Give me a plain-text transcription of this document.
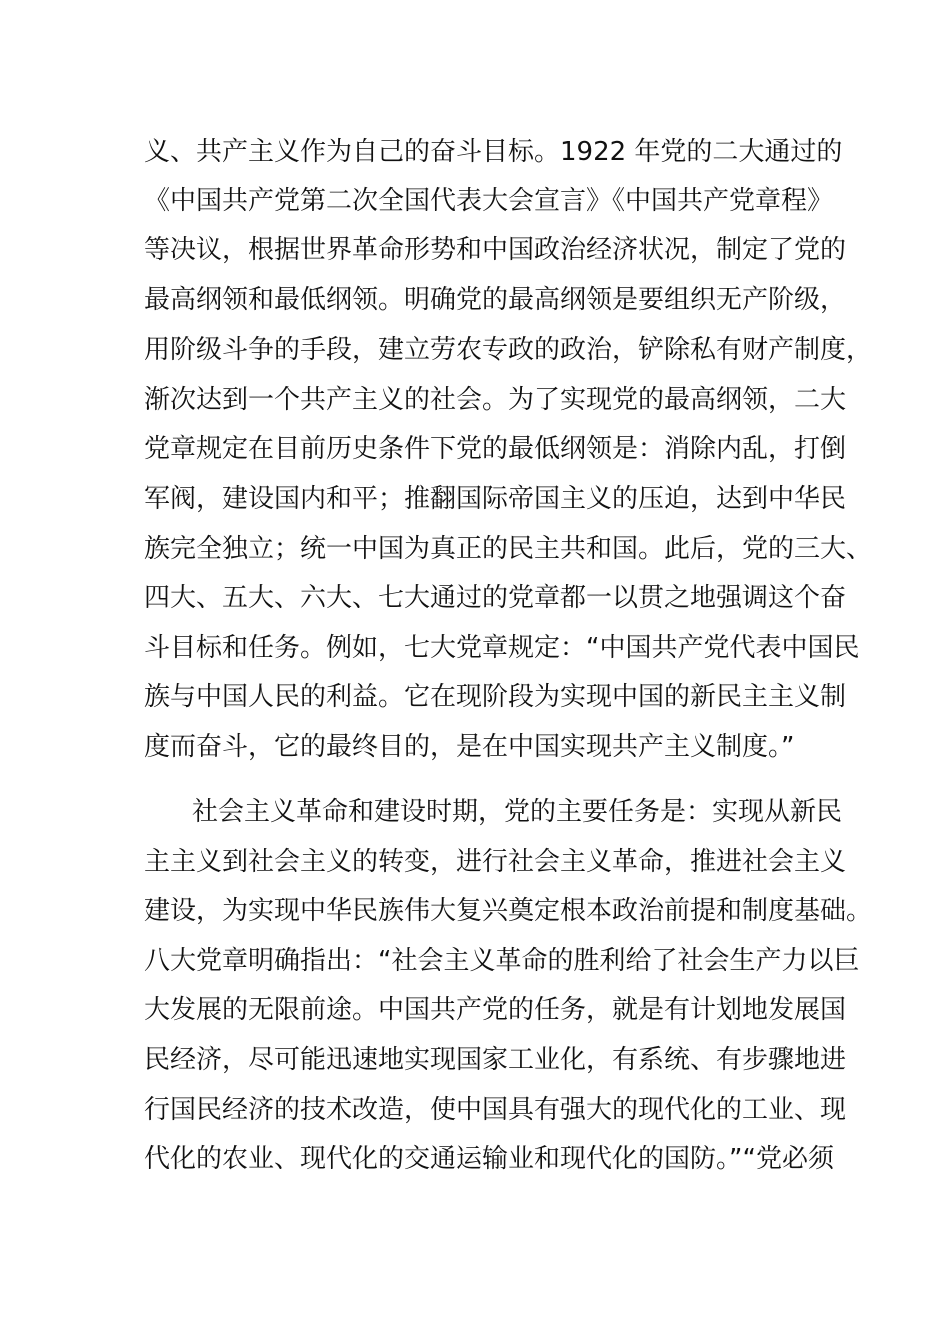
义、共产主义作为自己的奋斗目标。1922 年党的二大通过的
《中国共产党第二次全国代表大会宣言》《中国共产党章程》
等决议，根据世界革命形势和中国政治经济状况，制定了党的
最高纲领和最低纲领。明确党的最高纲领是要组织无产阶级，
用阶级斗争的手段，建立劳农专政的政治，铲除私有财产制度，
渐次达到一个共产主义的社会。为了实现党的最高纲领，二大
党章规定在目前历史条件下党的最低纲领是：消除内乱，打倒
军阀，建设国内和平；推翻国际帝国主义的压迫，达到中华民
族完全独立；统一中国为真正的民主共和国。此后，党的三大、
四大、五大、六大、七大通过的党章都一以贯之地强调这个奋
斗目标和任务。例如，七大党章规定：“中国共产党代表中国民
族与中国人民的利益。它在现阶段为实现中国的新民主主义制
度而奋斗，它的最终目的，是在中国实现共产主义制度。”
社会主义革命和建设时期，党的主要任务是：实现从新民
主主义到社会主义的转变，进行社会主义革命，推进社会主义
建设，为实现中华民族伟大复兴奠定根本政治前提和制度基础。
八大党章明确指出：“社会主义革命的胜利给了社会生产力以巨
大发展的无限前途。中国共产党的任务，就是有计划地发展国
民经济，尽可能迅速地实现国家工业化，有系统、有步骤地进
行国民经济的技术改造，使中国具有强大的现代化的工业、现
代化的农业、现代化的交通运输业和现代化的国防。”“党必须
